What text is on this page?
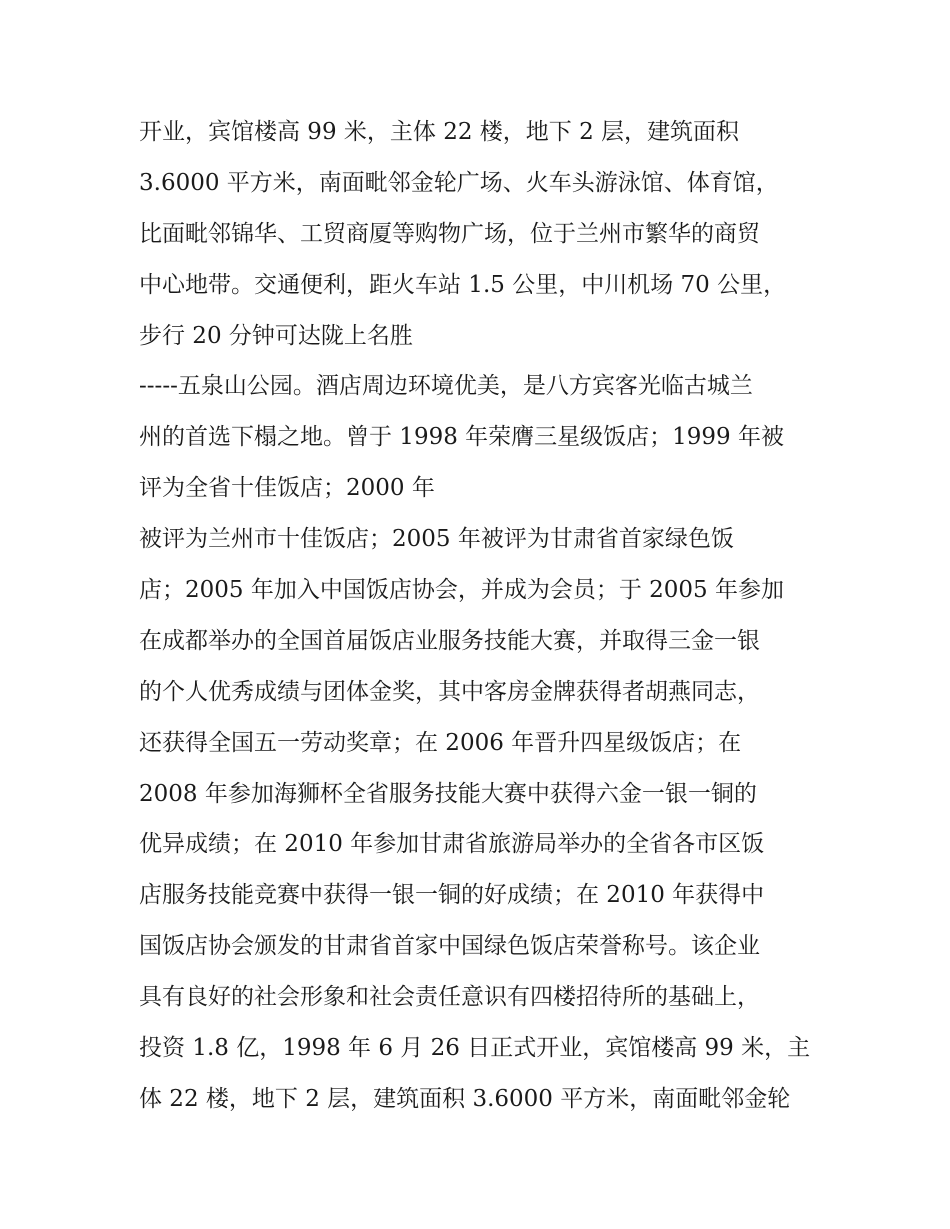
开业，宾馆楼高 99 米，主体 22 楼，地下 2 层，建筑面积
3.6000 平方米，南面毗邻金轮广场、火车头游泳馆、体育馆，
比面毗邻锦华、工贸商厦等购物广场，位于兰州市繁华的商贸
中心地带。交通便利，距火车站 1.5 公里，中川机场 70 公里，
步行 20 分钟可达陇上名胜
-----五泉山公园。酒店周边环境优美，是八方宾客光临古城兰
州的首选下榻之地。曾于 1998 年荣膺三星级饭店；1999 年被
评为全省十佳饭店；2000 年
被评为兰州市十佳饭店；2005 年被评为甘肃省首家绿色饭
店；2005 年加入中国饭店协会，并成为会员；于 2005 年参加
在成都举办的全国首届饭店业服务技能大赛，并取得三金一银
的个人优秀成绩与团体金奖，其中客房金牌获得者胡燕同志，
还获得全国五一劳动奖章；在 2006 年晋升四星级饭店；在
2008 年参加海狮杯全省服务技能大赛中获得六金一银一铜的
优异成绩；在 2010 年参加甘肃省旅游局举办的全省各市区饭
店服务技能竞赛中获得一银一铜的好成绩；在 2010 年获得中
国饭店协会颁发的甘肃省首家中国绿色饭店荣誉称号。该企业
具有良好的社会形象和社会责任意识有四楼招待所的基础上，
投资 1.8 亿，1998 年 6 月 26 日正式开业，宾馆楼高 99 米，主
体 22 楼，地下 2 层，建筑面积 3.6000 平方米，南面毗邻金轮
